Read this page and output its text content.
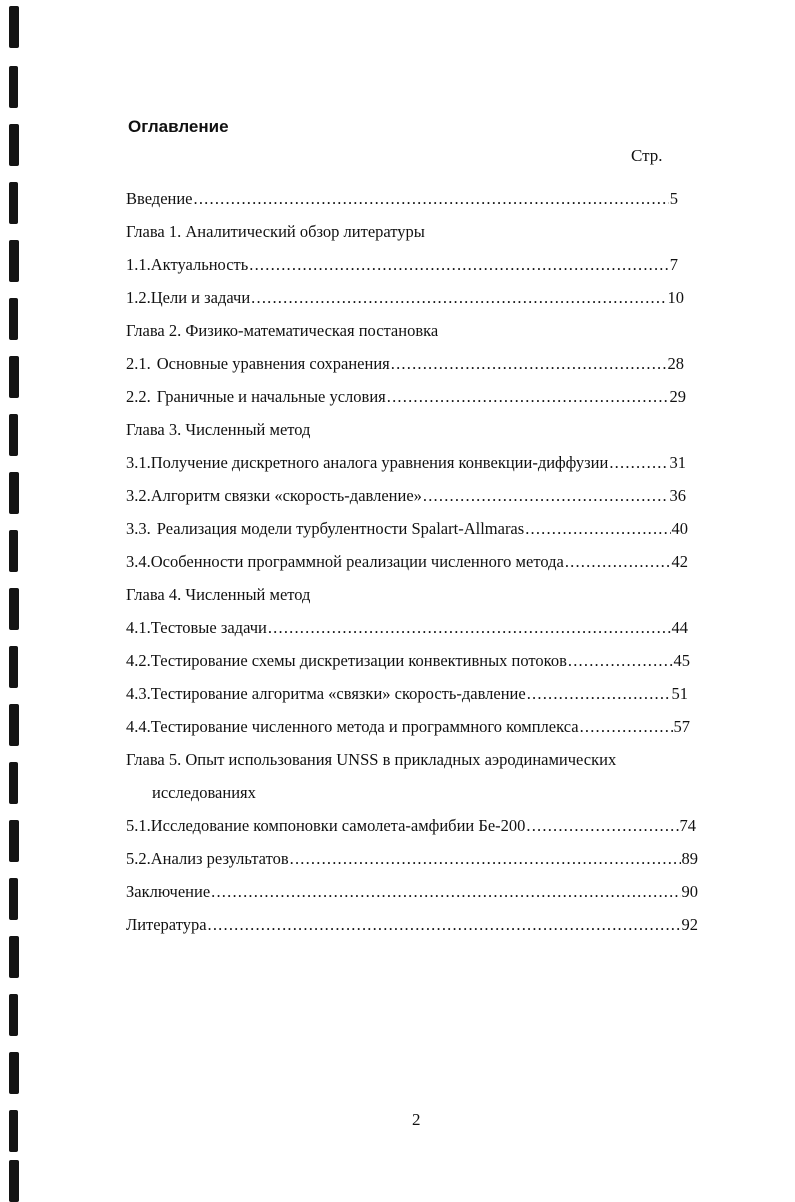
Оглавление
Стр.
Введение .....	5
Глава 1. Аналитический обзор литературы
1.1. Актуальность .....	7
1.2. Цели и задачи .....	10
Глава 2. Физико-математическая постановка
2.1. Основные уравнения сохранения .....	28
2.2. Граничные и начальные условия .....	29
Глава 3. Численный метод
3.1. Получение дискретного аналога уравнения конвекции-диффузии .....	31
3.2. Алгоритм связки «скорость-давление» .....	36
3.3. Реализация модели турбулентности Spalart-Allmaras .....	40
3.4. Особенности программной реализации численного метода .....	42
Глава 4. Численный метод
4.1. Тестовые задачи .....	44
4.2. Тестирование схемы дискретизации конвективных потоков .....	45
4.3. Тестирование алгоритма «связки» скорость-давление .....	51
4.4. Тестирование численного метода и программного комплекса .....	57
Глава 5. Опыт использования UNSS в прикладных аэродинамических
исследованиях
5.1. Исследование компоновки самолета-амфибии Бе-200 .....	74
5.2. Анализ результатов .....	89
Заключение .....	90
Литература .....	92
2
